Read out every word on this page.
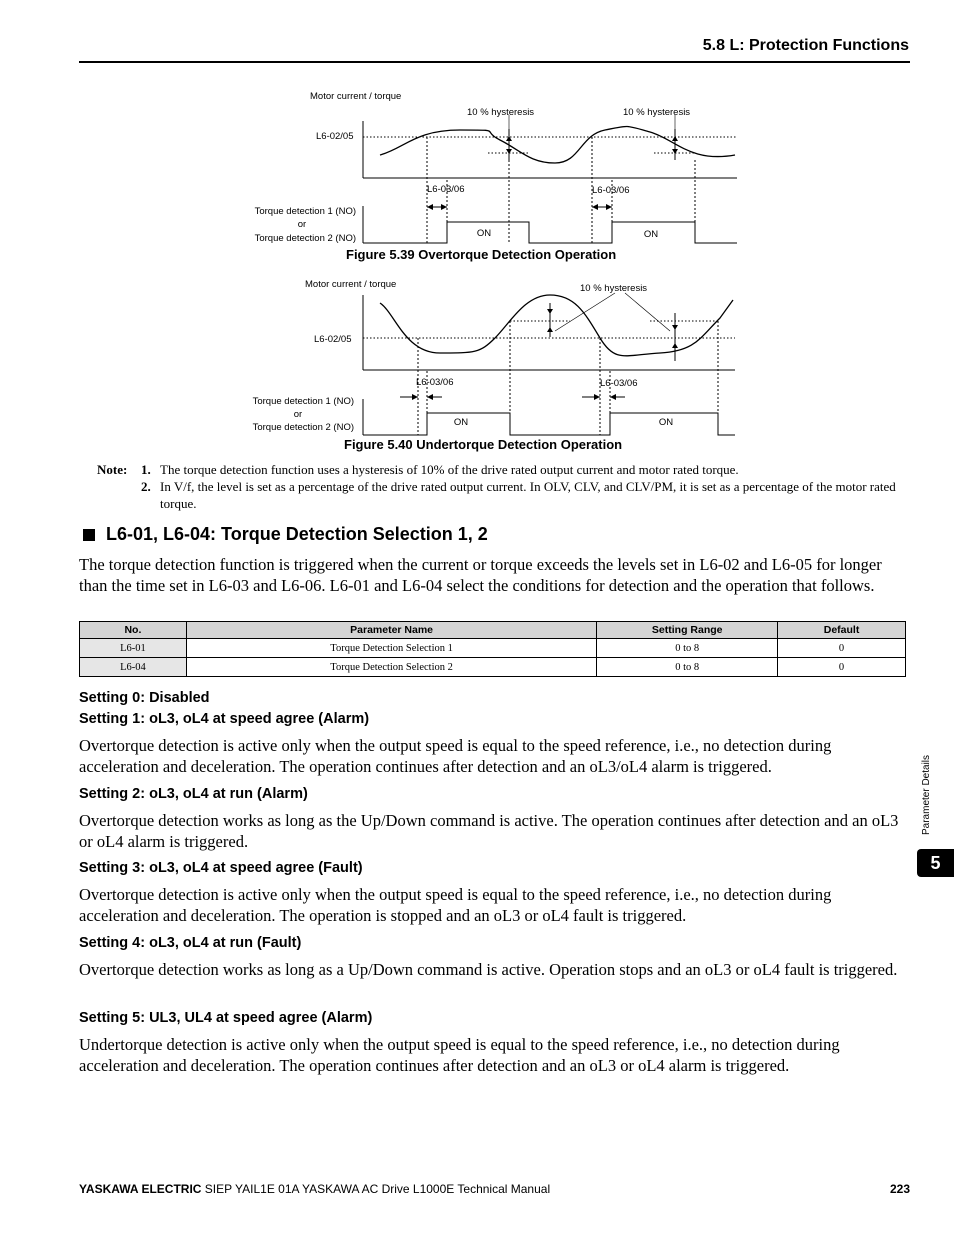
5.8 L: Protection Functions
Motor current / torque
10 % hysteresis	10 % hysteresis
L6-02/05
L6-03/06	L6-03/06
Torque detection 1 (NO)
or
Torque detection 2 (NO)	ON	ON
Figure 5.39 Overtorque Detection Operation
Motor current / torque	10 % hysteresis
L6-02/05
L6-03/06	L6-03/06
Torque detection 1 (NO)
or
Torque detection 2 (NO)	ON	ON
Figure 5.40 Undertorque Detection Operation
Note:	1. The torque detection function uses a hysteresis of 10% of the drive rated output current and motor rated torque.
2. In V/f, the level is set as a percentage of the drive rated output current. In OLV, CLV, and CLV/PM, it is set as a percentage of the motor rated torque.
L6-01, L6-04: Torque Detection Selection 1, 2
The torque detection function is triggered when the current or torque exceeds the levels set in L6-02 and L6-05 for longer than the time set in L6-03 and L6-06. L6-01 and L6-04 select the conditions for detection and the operation that follows.
No.	Parameter Name	Setting Range	Default
L6-01	Torque Detection Selection 1	0 to 8	0
L6-04	Torque Detection Selection 2	0 to 8	0
Setting 0: Disabled
Setting 1: oL3, oL4 at speed agree (Alarm)
Overtorque detection is active only when the output speed is equal to the speed reference, i.e., no detection during acceleration and deceleration. The operation continues after detection and an oL3/oL4 alarm is triggered.
Setting 2: oL3, oL4 at run (Alarm)
Overtorque detection works as long as the Up/Down command is active. The operation continues after detection and an oL3 or oL4 alarm is triggered.
Setting 3: oL3, oL4 at speed agree (Fault)
Overtorque detection is active only when the output speed is equal to the speed reference, i.e., no detection during acceleration and deceleration. The operation is stopped and an oL3 or oL4 fault is triggered.
Setting 4: oL3, oL4 at run (Fault)
Overtorque detection works as long as a Up/Down command is active. Operation stops and an oL3 or oL4 fault is triggered.
Setting 5: UL3, UL4 at speed agree (Alarm)
Undertorque detection is active only when the output speed is equal to the speed reference, i.e., no detection during acceleration and deceleration. The operation continues after detection and an oL3 or oL4 alarm is triggered.
Parameter Details
5
YASKAWA ELECTRIC SIEP YAIL1E 01A YASKAWA AC Drive L1000E Technical Manual	223
